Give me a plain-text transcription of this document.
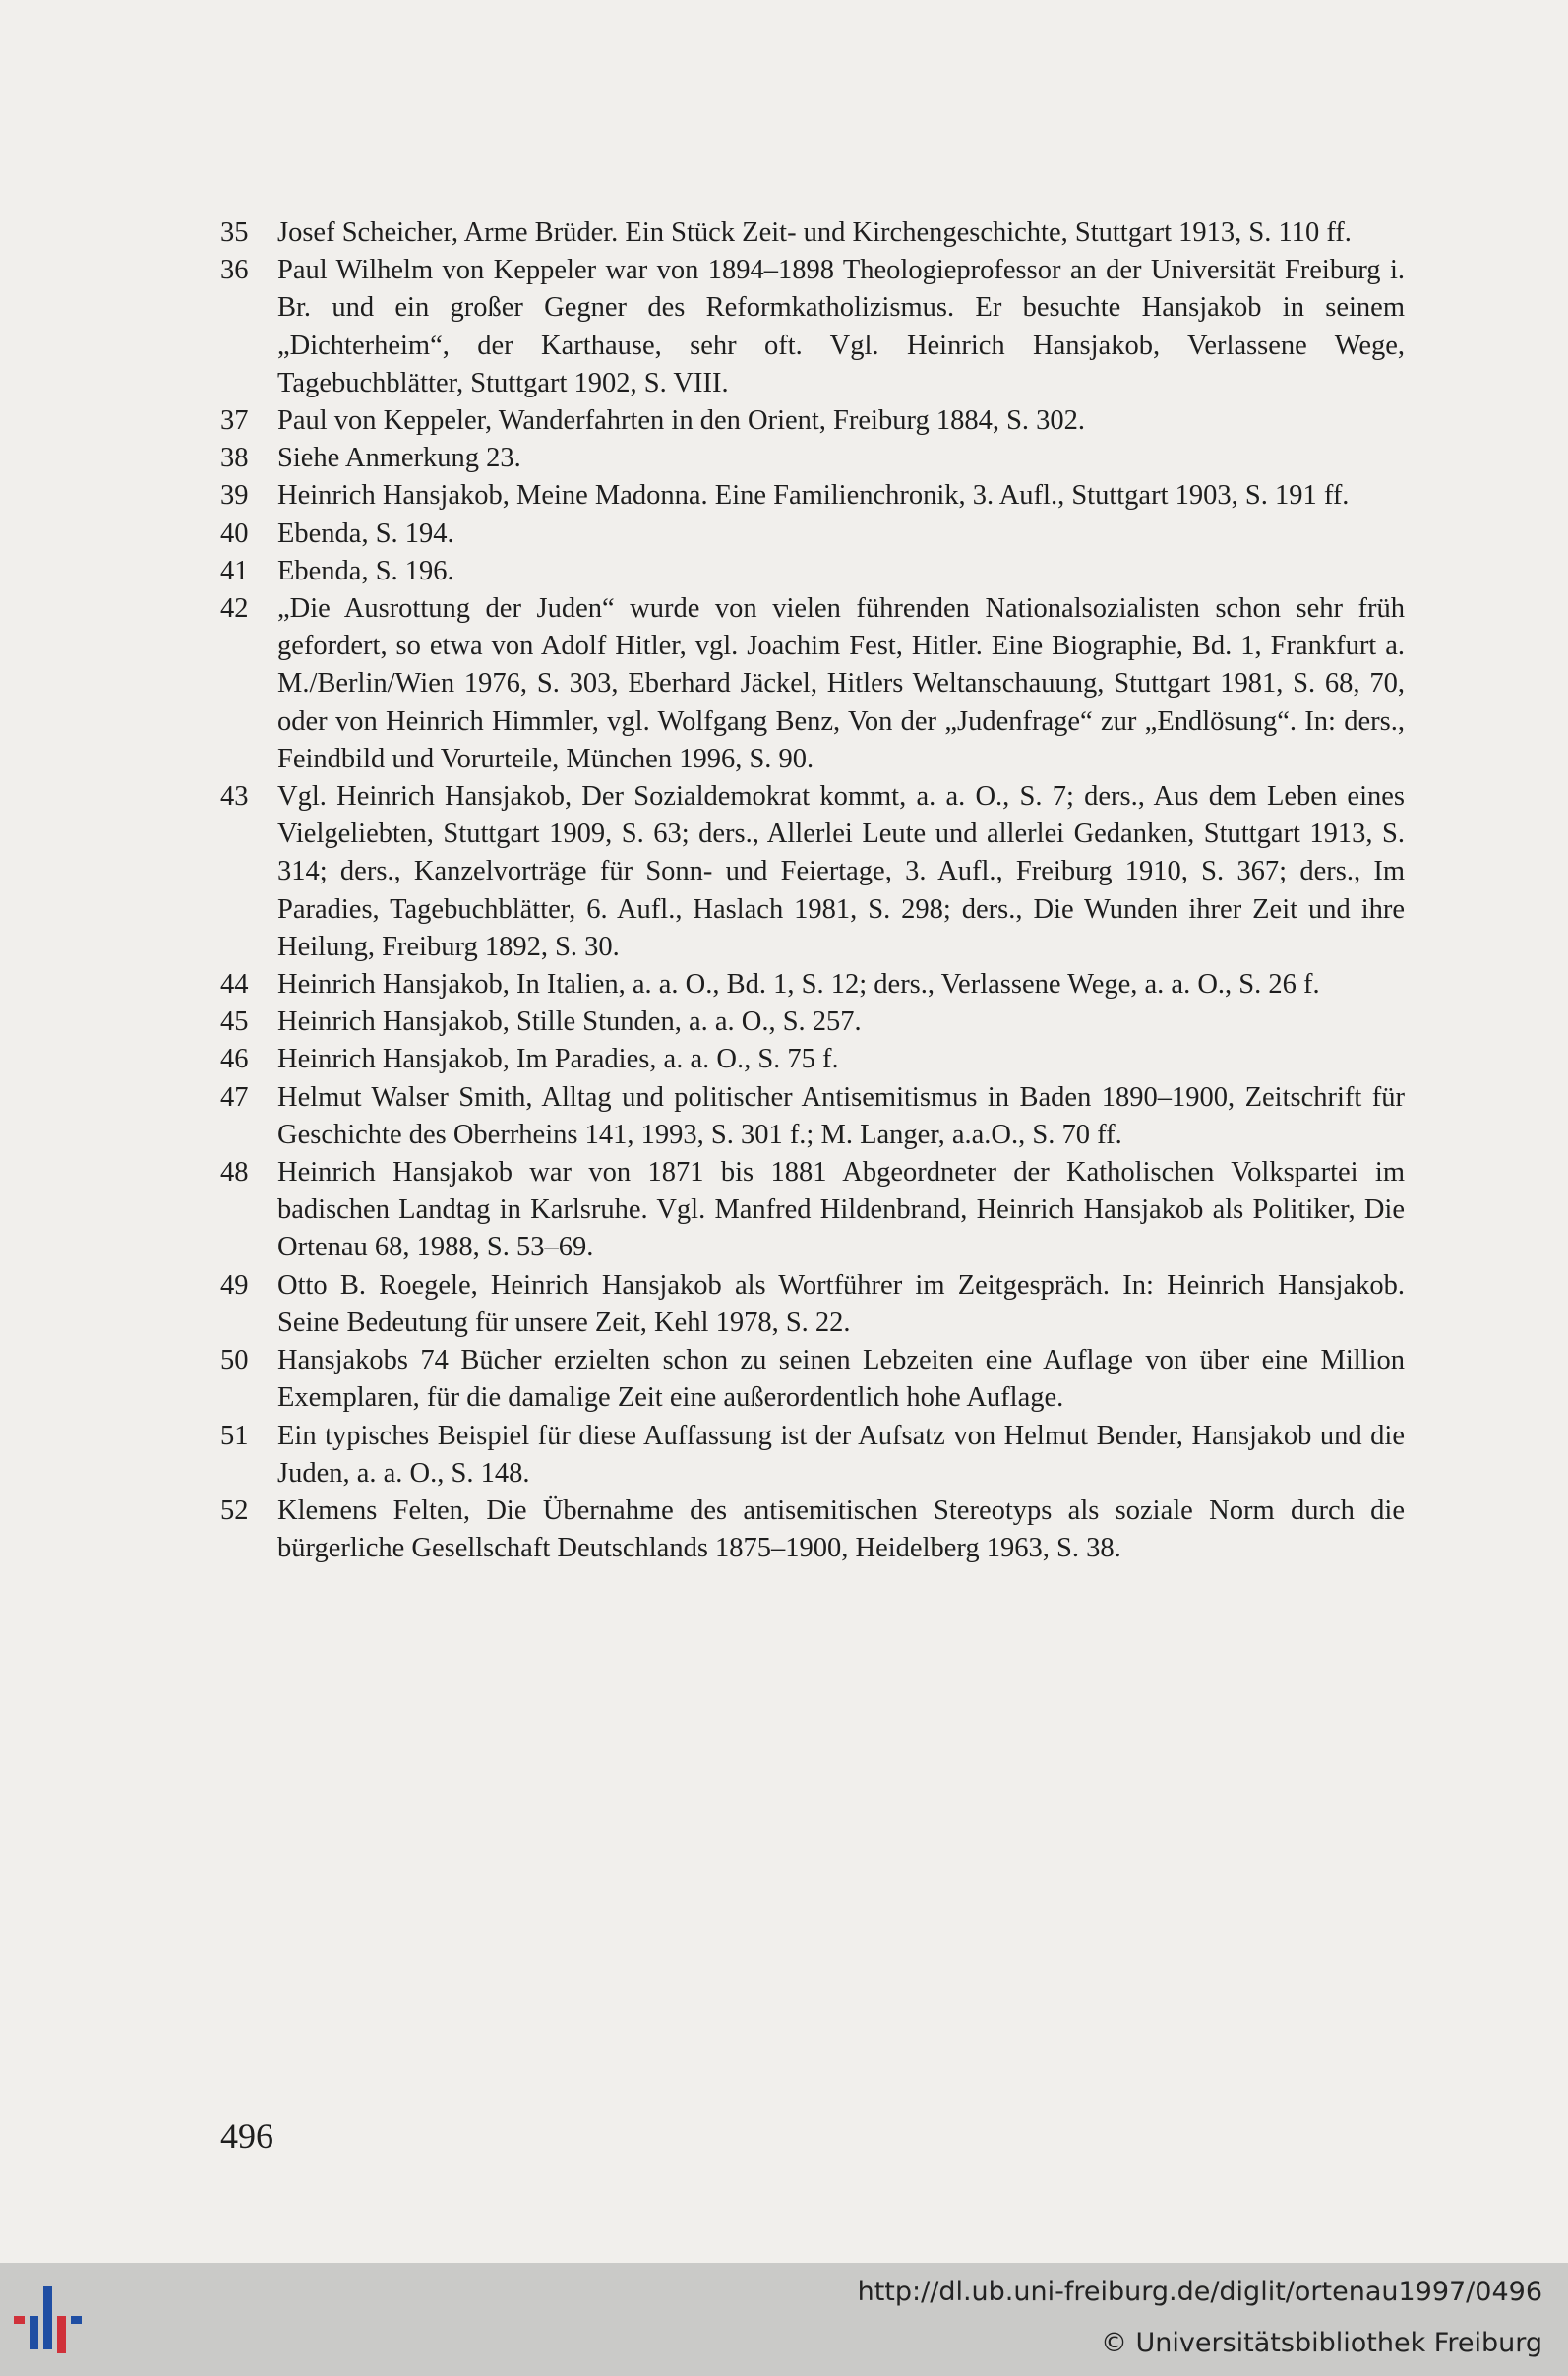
35 Josef Scheicher, Arme Brüder. Ein Stück Zeit- und Kirchengeschichte, Stuttgart 1913, S. 110 ff.
36 Paul Wilhelm von Keppeler war von 1894–1898 Theologieprofessor an der Universität Freiburg i. Br. und ein großer Gegner des Reformkatholizismus. Er besuchte Hansjakob in seinem „Dichterheim“, der Karthause, sehr oft. Vgl. Heinrich Hansjakob, Verlassene Wege, Tagebuchblätter, Stuttgart 1902, S. VIII.
37 Paul von Keppeler, Wanderfahrten in den Orient, Freiburg 1884, S. 302.
38 Siehe Anmerkung 23.
39 Heinrich Hansjakob, Meine Madonna. Eine Familienchronik, 3. Aufl., Stuttgart 1903, S. 191 ff.
40 Ebenda, S. 194.
41 Ebenda, S. 196.
42 „Die Ausrottung der Juden“ wurde von vielen führenden Nationalsozialisten schon sehr früh gefordert, so etwa von Adolf Hitler, vgl. Joachim Fest, Hitler. Eine Biographie, Bd. 1, Frankfurt a. M./Berlin/Wien 1976, S. 303, Eberhard Jäckel, Hitlers Weltanschauung, Stuttgart 1981, S. 68, 70, oder von Heinrich Himmler, vgl. Wolfgang Benz, Von der „Judenfrage“ zur „Endlösung“. In: ders., Feindbild und Vorurteile, München 1996, S. 90.
43 Vgl. Heinrich Hansjakob, Der Sozialdemokrat kommt, a. a. O., S. 7; ders., Aus dem Leben eines Vielgeliebten, Stuttgart 1909, S. 63; ders., Allerlei Leute und allerlei Gedanken, Stuttgart 1913, S. 314; ders., Kanzelvorträge für Sonn- und Feiertage, 3. Aufl., Freiburg 1910, S. 367; ders., Im Paradies, Tagebuchblätter, 6. Aufl., Haslach 1981, S. 298; ders., Die Wunden ihrer Zeit und ihre Heilung, Freiburg 1892, S. 30.
44 Heinrich Hansjakob, In Italien, a. a. O., Bd. 1, S. 12; ders., Verlassene Wege, a. a. O., S. 26 f.
45 Heinrich Hansjakob, Stille Stunden, a. a. O., S. 257.
46 Heinrich Hansjakob, Im Paradies, a. a. O., S. 75 f.
47 Helmut Walser Smith, Alltag und politischer Antisemitismus in Baden 1890–1900, Zeitschrift für Geschichte des Oberrheins 141, 1993, S. 301 f.; M. Langer, a.a.O., S. 70 ff.
48 Heinrich Hansjakob war von 1871 bis 1881 Abgeordneter der Katholischen Volkspartei im badischen Landtag in Karlsruhe. Vgl. Manfred Hildenbrand, Heinrich Hansjakob als Politiker, Die Ortenau 68, 1988, S. 53–69.
49 Otto B. Roegele, Heinrich Hansjakob als Wortführer im Zeitgespräch. In: Heinrich Hansjakob. Seine Bedeutung für unsere Zeit, Kehl 1978, S. 22.
50 Hansjakobs 74 Bücher erzielten schon zu seinen Lebzeiten eine Auflage von über eine Million Exemplaren, für die damalige Zeit eine außerordentlich hohe Auflage.
51 Ein typisches Beispiel für diese Auffassung ist der Aufsatz von Helmut Bender, Hansjakob und die Juden, a. a. O., S. 148.
52 Klemens Felten, Die Übernahme des antisemitischen Stereotyps als soziale Norm durch die bürgerliche Gesellschaft Deutschlands 1875–1900, Heidelberg 1963, S. 38.
496
http://dl.ub.uni-freiburg.de/diglit/ortenau1997/0496
© Universitätsbibliothek Freiburg
